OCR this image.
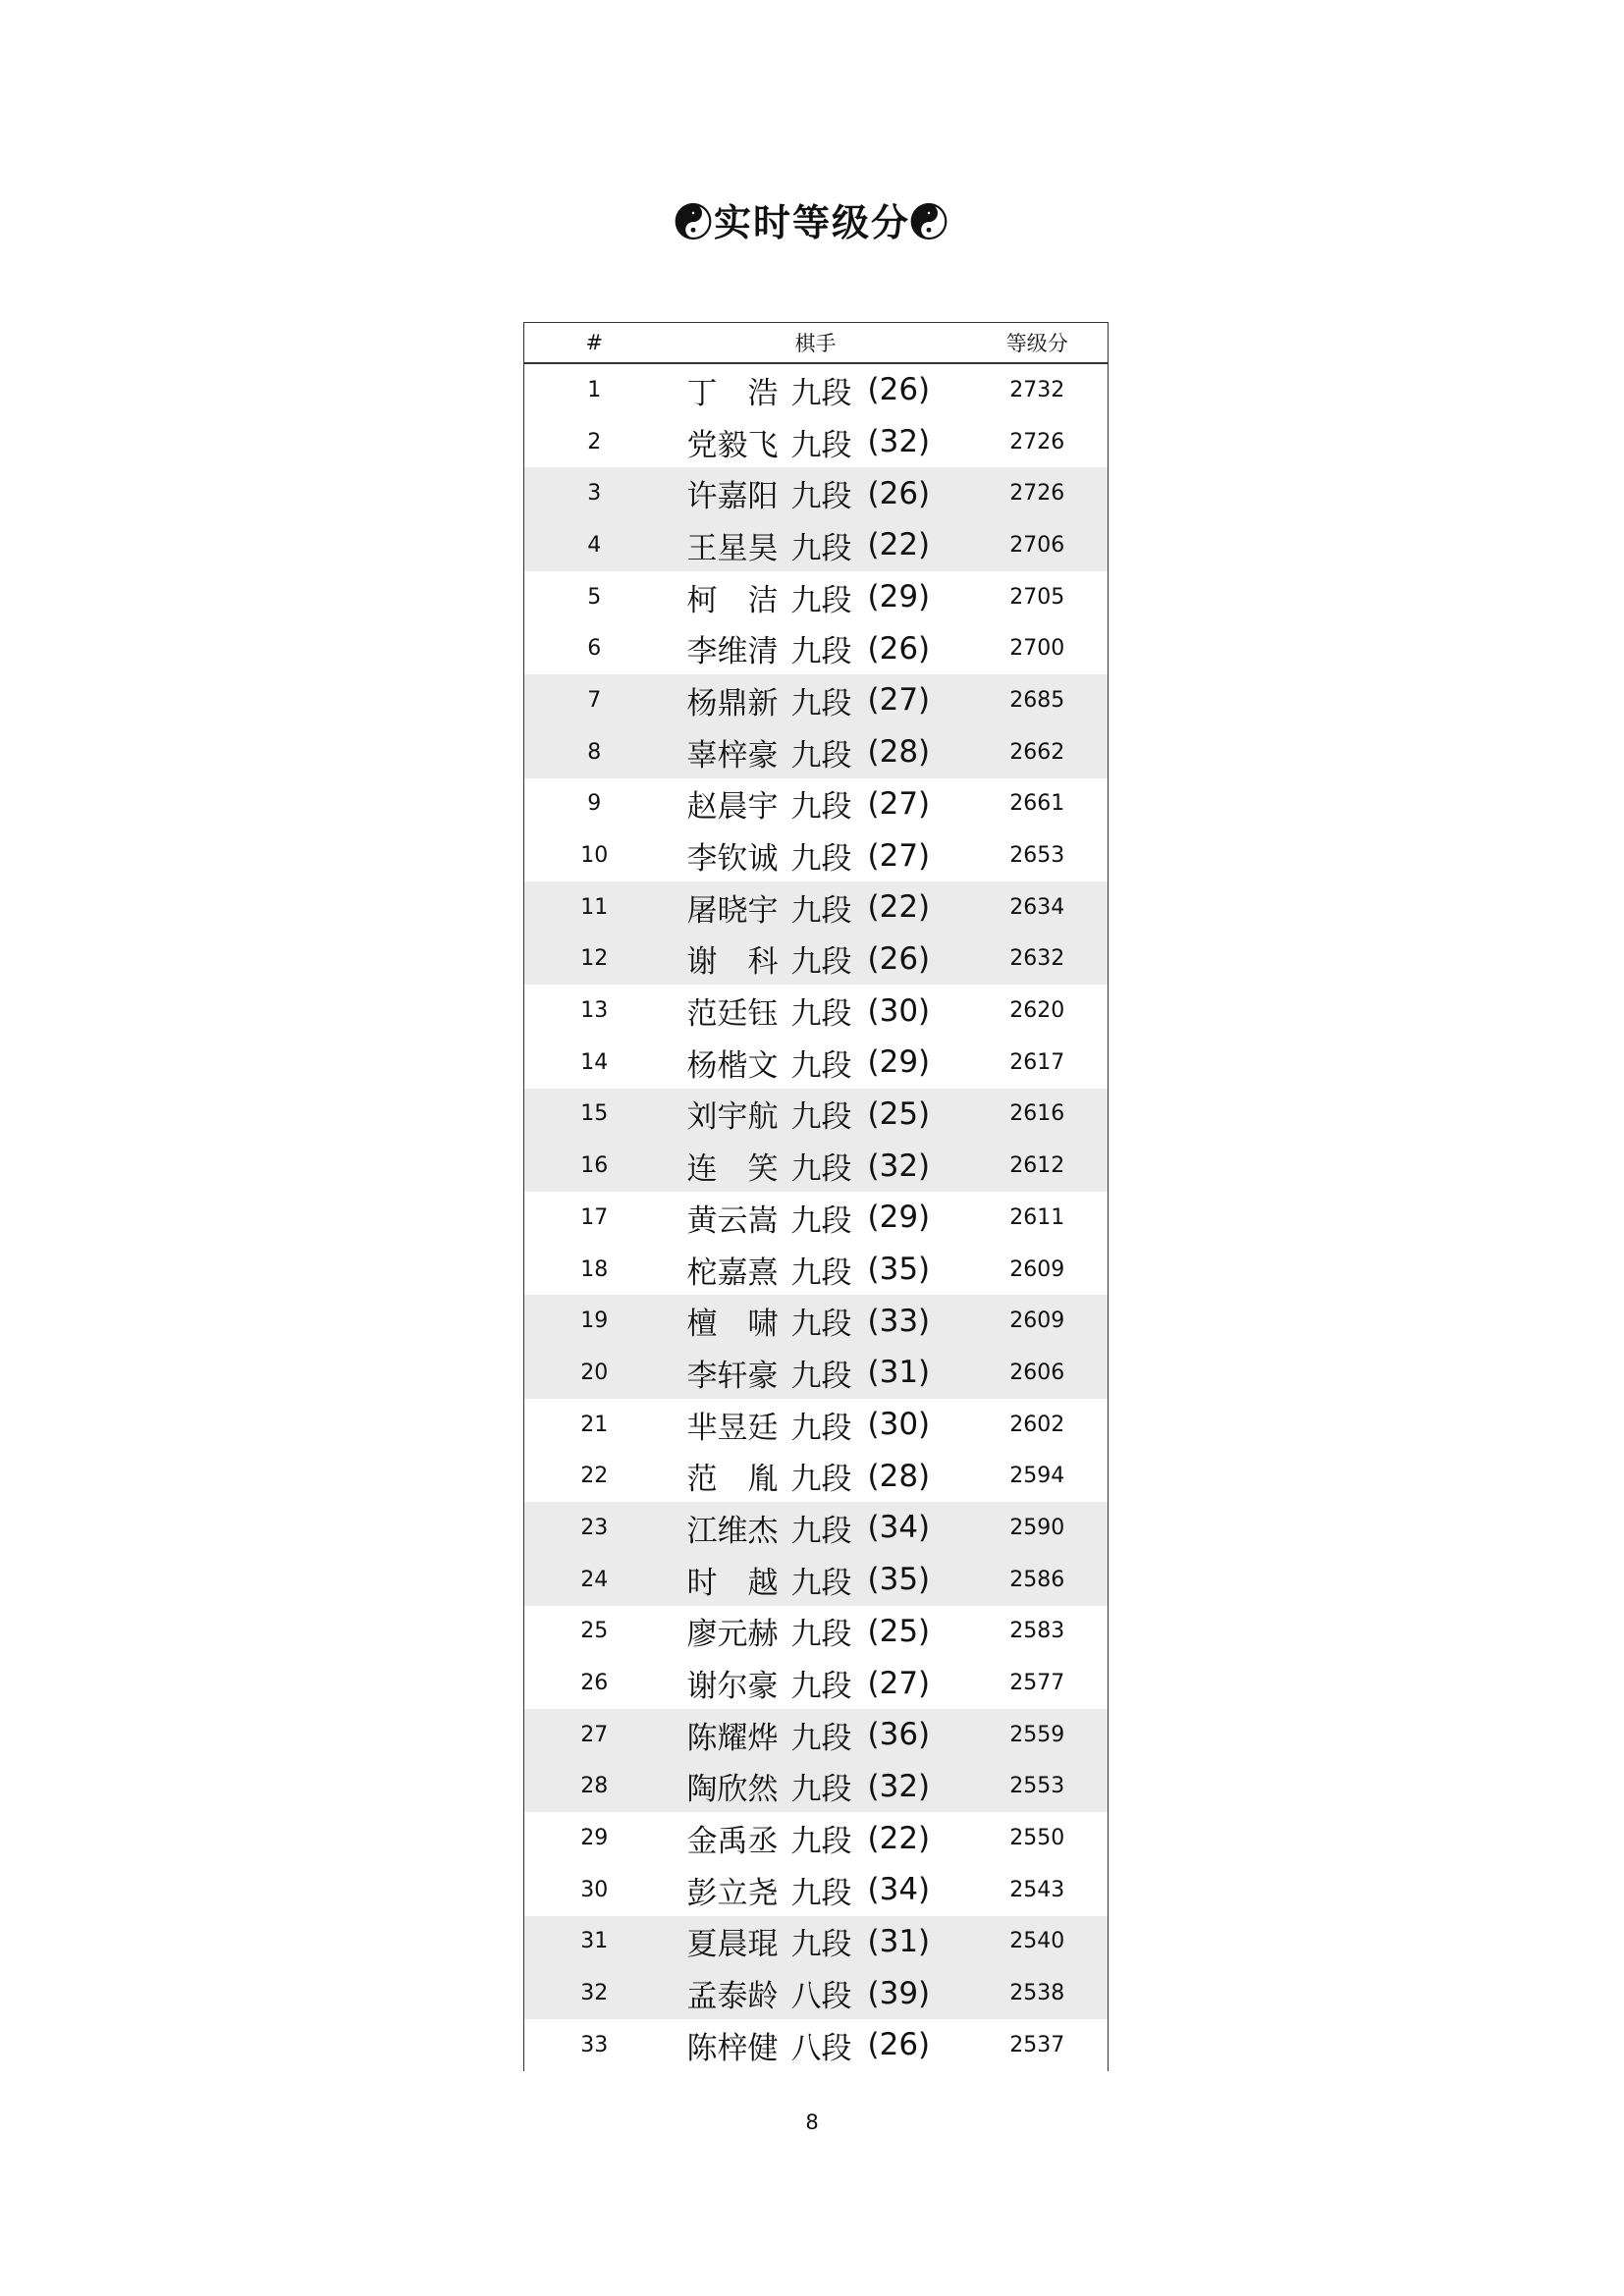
☯实时等级分☯
#	棋手	等级分
1	丁　浩 九段 (26)	2732
2	党毅飞 九段 (32)	2726
3	许嘉阳 九段 (26)	2726
4	王星昊 九段 (22)	2706
5	柯　洁 九段 (29)	2705
6	李维清 九段 (26)	2700
7	杨鼎新 九段 (27)	2685
8	辜梓豪 九段 (28)	2662
9	赵晨宇 九段 (27)	2661
10	李钦诚 九段 (27)	2653
11	屠晓宇 九段 (22)	2634
12	谢　科 九段 (26)	2632
13	范廷钰 九段 (30)	2620
14	杨楷文 九段 (29)	2617
15	刘宇航 九段 (25)	2616
16	连　笑 九段 (32)	2612
17	黄云嵩 九段 (29)	2611
18	柁嘉熹 九段 (35)	2609
19	檀　啸 九段 (33)	2609
20	李轩豪 九段 (31)	2606
21	芈昱廷 九段 (30)	2602
22	范　胤 九段 (28)	2594
23	江维杰 九段 (34)	2590
24	时　越 九段 (35)	2586
25	廖元赫 九段 (25)	2583
26	谢尔豪 九段 (27)	2577
27	陈耀烨 九段 (36)	2559
28	陶欣然 九段 (32)	2553
29	金禹丞 九段 (22)	2550
30	彭立尧 九段 (34)	2543
31	夏晨琨 九段 (31)	2540
32	孟泰龄 八段 (39)	2538
33	陈梓健 八段 (26)	2537
8
